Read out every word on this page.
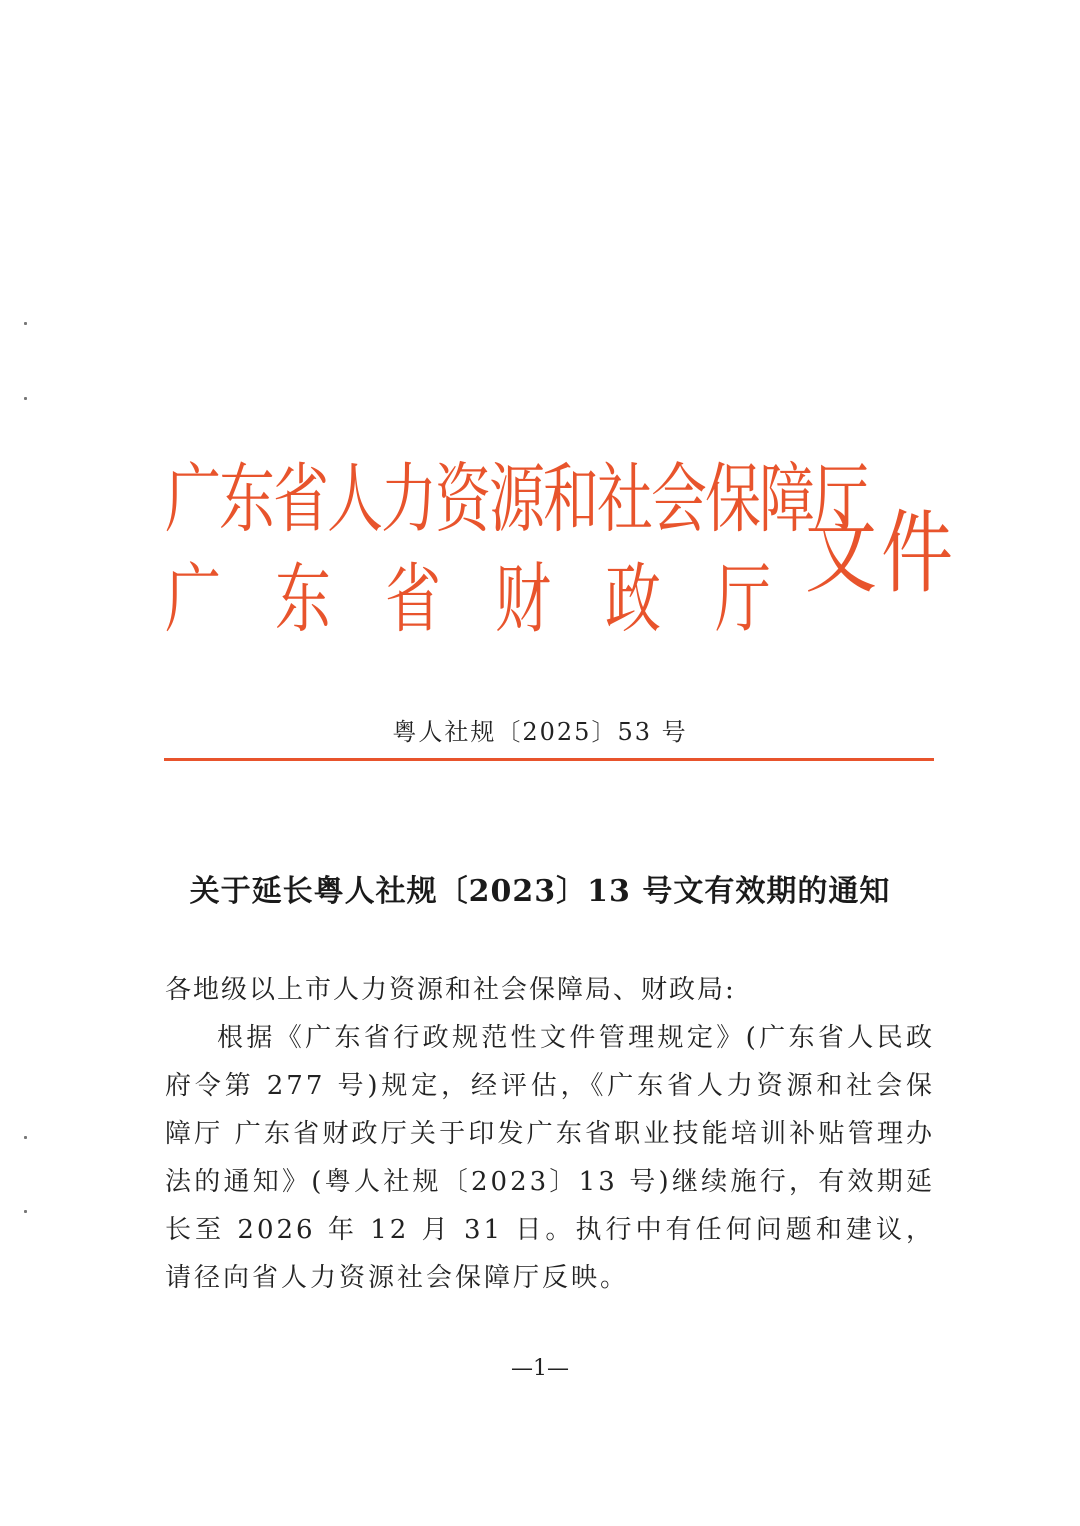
广东省人力资源和社会保障厅
广东省财政厅
文件
粤人社规〔2025〕53 号
关于延长粤人社规〔2023〕13 号文有效期的通知

各地级以上市人力资源和社会保障局、财政局:

根据《广东省行政规范性文件管理规定》(广东省人民政府令第 277 号)规定，经评估，《广东省人力资源和社会保障厅 广东省财政厅关于印发广东省职业技能培训补贴管理办法的通知》(粤人社规〔2023〕13 号)继续施行，有效期延长至 2026 年 12 月 31 日。执行中有任何问题和建议，请径向省人力资源社会保障厅反映。

—1—
